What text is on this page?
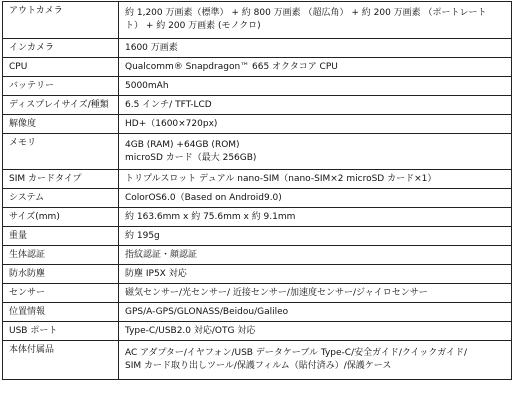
アウトカメラ	約 1,200 万画素（標準） + 約 800 万画素 （超広角） + 約 200 万画素 （ポートレート
ト） + 約 200 万画素 (モノクロ)

インカメラ	1600 万画素

CPU	Qualcomm® Snapdragon™ 665 オクタコア CPU

バッテリー	5000mAh

ディスプレイサイズ/種類	6.5 インチ/ TFT-LCD

解像度	HD+（1600×720px)

メモリ	4GB (RAM) +64GB (ROM)
microSD カード（最大 256GB)

SIM カードタイプ	トリプルスロット デュアル nano-SIM（nano-SIM×2 microSD カード×1）

システム	ColorOS6.0（Based on Android9.0)

サイズ(mm)	約 163.6mm x 約 75.6mm x 約 9.1mm

重量	約 195g

生体認証	指紋認証・顔認証

防水防塵	防塵 IP5X 対応

センサー	磁気センサー/光センサー/ 近接センサー/加速度センサー/ジャイロセンサー

位置情報	GPS/A-GPS/GLONASS/Beidou/Galileo

USB ポート	Type-C/USB2.0 対応/OTG 対応

本体付属品	AC アダプター/イヤフォン/USB データケーブル Type-C/安全ガイド/クイックガイド/
SIM カード取り出しツール/保護フィルム（貼付済み）/保護ケース
